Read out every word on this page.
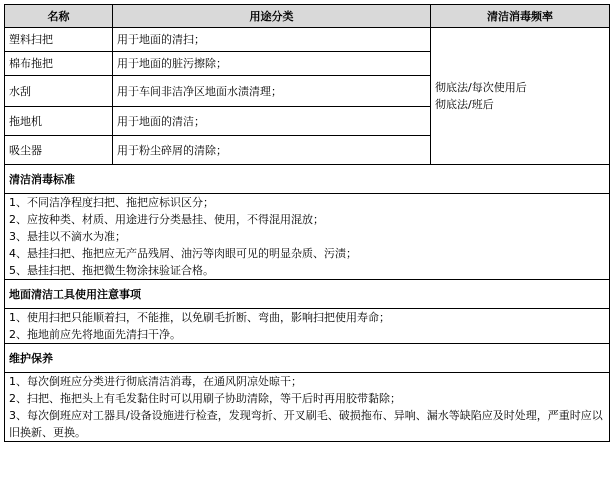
名称	用途分类	清洁消毒频率
塑料扫把	用于地面的清扫；	彻底法/每次使用后
彻底法/班后

棉布拖把	用于地面的脏污擦除；	
水刮	用于车间非洁净区地面水渍清理；	
拖地机	用于地面的清洁；	
吸尘器	用于粉尘碎屑的清除；	
清洁消毒标准		

1、不同洁净程度扫把、拖把应标识区分；
2、应按种类、材质、用途进行分类悬挂、使用，不得混用混放；
3、悬挂以不滴水为准；
4、悬挂扫把、拖把应无产品残屑、油污等肉眼可见的明显杂质、污渍；
5、悬挂扫把、拖把微生物涂抹验证合格。		

地面清洁工具使用注意事项		

1、使用扫把只能顺着扫，不能推，以免刷毛折断、弯曲，影响扫把使用寿命；
2、拖地前应先将地面先清扫干净。		

维护保养		

1、每次倒班应分类进行彻底清洁消毒，在通风阴凉处晾干；
2、扫把、拖把头上有毛发黏住时可以用刷子协助清除，等干后时再用胶带黏除；
3、每次倒班应对工器具/设备设施进行检查，发现弯折、开叉刷毛、破损拖布、异响、漏水等缺陷应及时处理，严重时应以旧换新、更换。		
